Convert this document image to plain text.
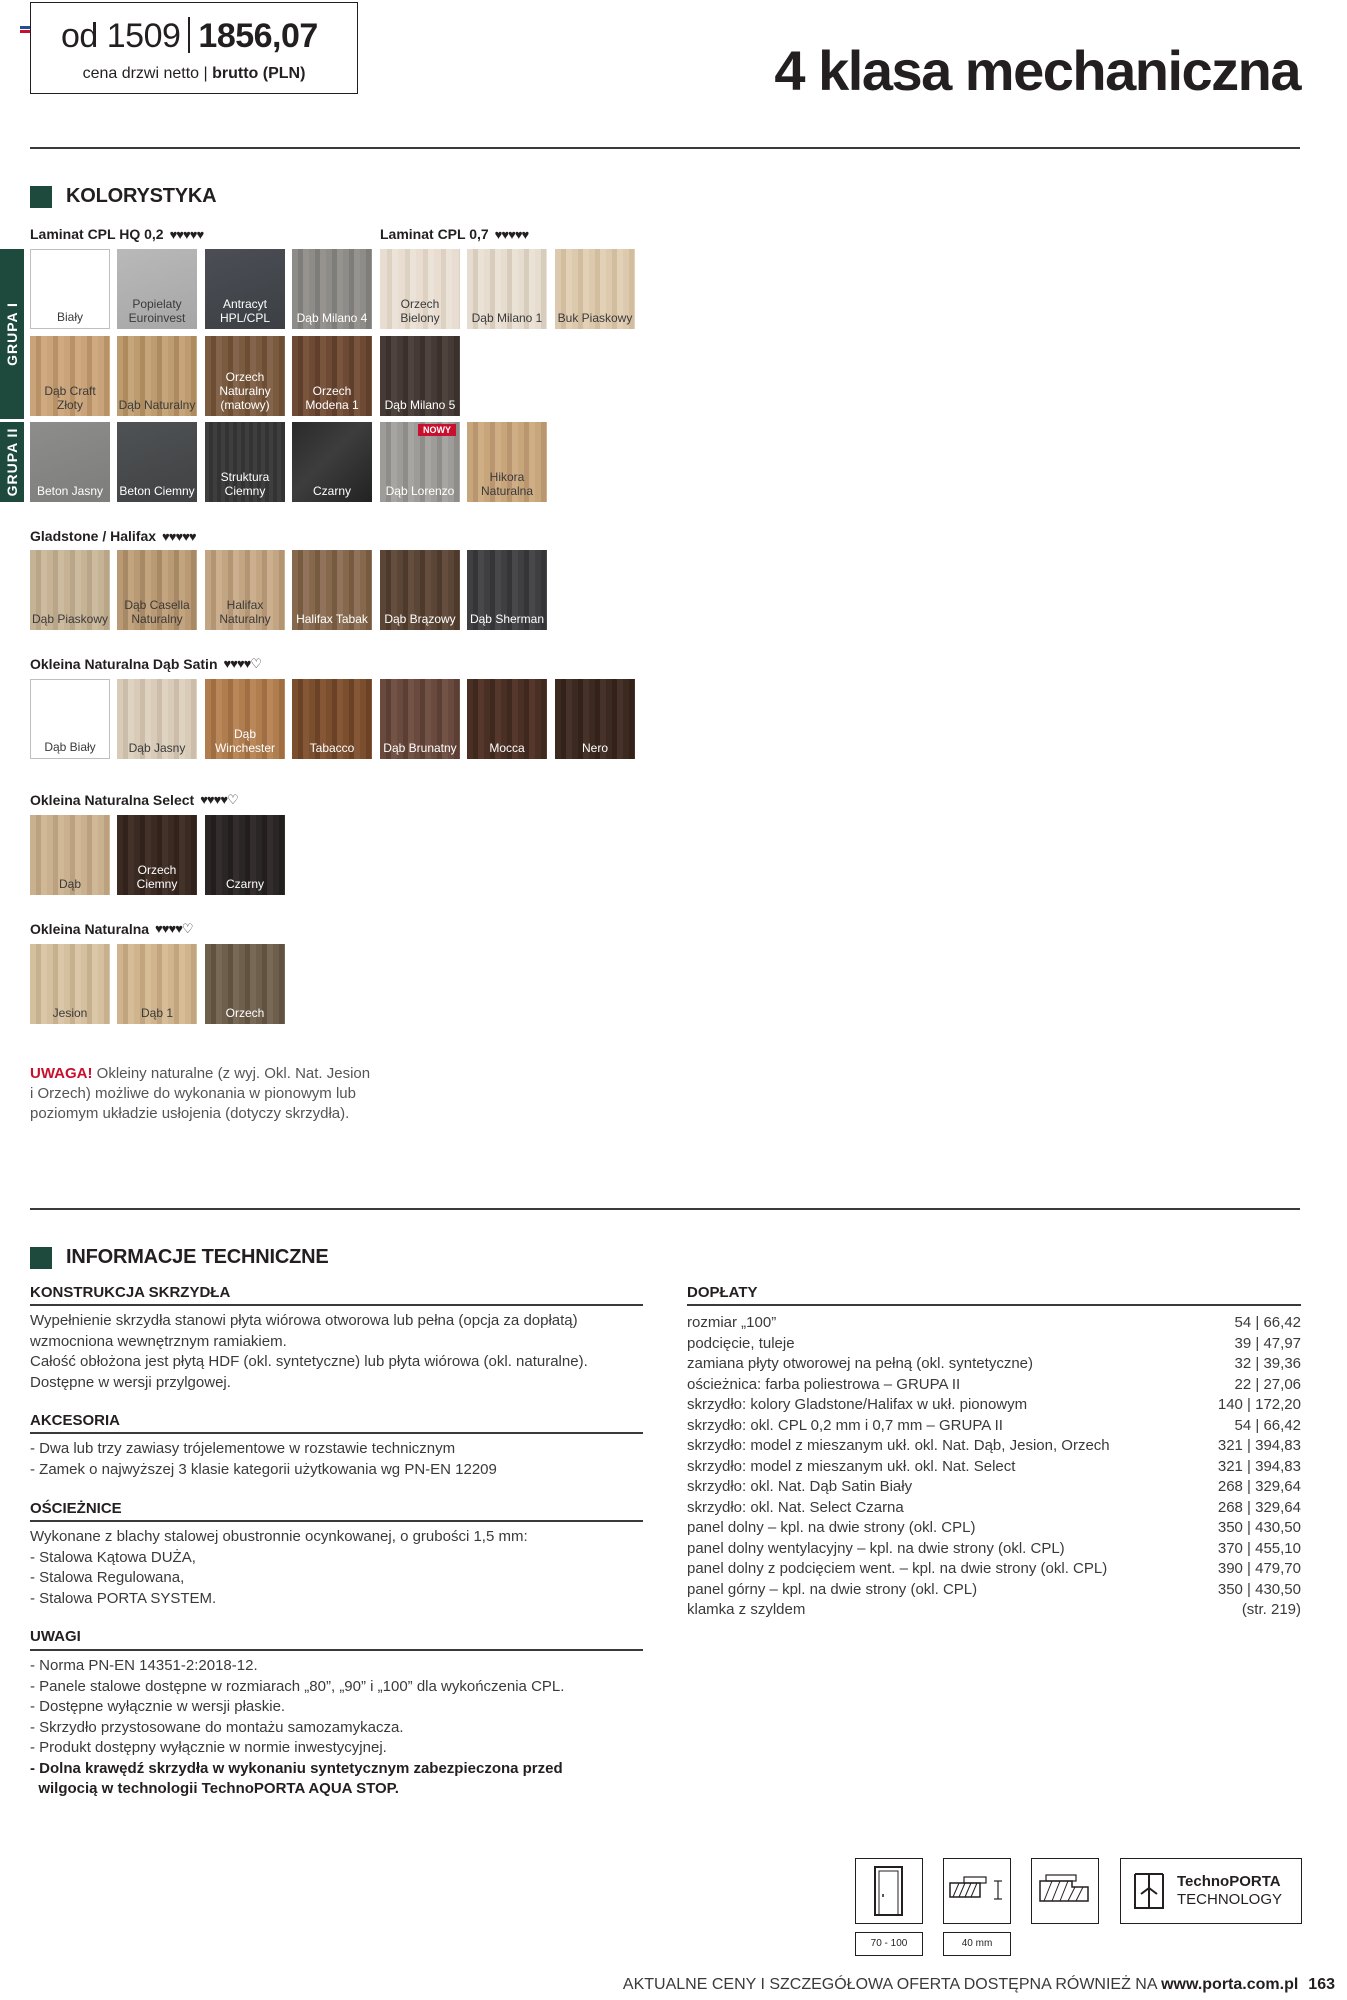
od 1509 1856,07
cena drzwi netto | brutto (PLN)	4 klasa mechaniczna
KOLORYSTYKA
Laminat CPL HQ 0,2 ♥♥♥♥♥	Laminat CPL 0,7 ♥♥♥♥♥
GRUPA I
GRUPA II
Biały
Popielaty Euroinvest
Antracyt HPL/CPL	Dąb Milano 4
Orzech Bielony	Dąb Milano 1	Buk Piaskowy
Dąb Craft Złoty	Dąb Naturalny
Orzech Naturalny (matowy)
Orzech Modena 1	Dąb Milano 5
Beton Jasny	Beton Ciemny
Struktura Ciemny	Czarny
NOWY
Dąb Lorenzo
Hikora Naturalna
Gladstone / Halifax ♥♥♥♥♥
Dąb Piaskowy
Dąb Casella Naturalny
Halifax Naturalny	Halifax Tabak	Dąb Brązowy	Dąb Sherman
Okleina Naturalna Dąb Satin ♥♥♥♥♡
Dąb Biały	Dąb Jasny
Dąb Winchester	Tabacco	Dąb Brunatny	Mocca	Nero
Okleina Naturalna Select ♥♥♥♥♡
Dąb
Orzech Ciemny	Czarny
Okleina Naturalna ♥♥♥♥♡
Jesion	Dąb 1	Orzech
UWAGA! Okleiny naturalne (z wyj. Okl. Nat. Jesion
i Orzech) możliwe do wykonania w pionowym lub
poziomym układzie usłojenia (dotyczy skrzydła).
INFORMACJE TECHNICZNE
KONSTRUKCJA SKRZYDŁA
Wypełnienie skrzydła stanowi płyta wiórowa otworowa lub pełna (opcja za dopłatą)
wzmocniona wewnętrznym ramiakiem.
Całość obłożona jest płytą HDF (okl. syntetyczne) lub płyta wiórowa (okl. naturalne).
Dostępne w wersji przylgowej.
AKCESORIA
- Dwa lub trzy zawiasy trójelementowe w rozstawie technicznym
- Zamek o najwyższej 3 klasie kategorii użytkowania wg PN-EN 12209
OŚCIEŻNICE
Wykonane z blachy stalowej obustronnie ocynkowanej, o grubości 1,5 mm:
- Stalowa Kątowa DUŻA,
- Stalowa Regulowana,
- Stalowa PORTA SYSTEM.
UWAGI
- Norma PN-EN 14351-2:2018-12.
- Panele stalowe dostępne w rozmiarach „80”, „90” i „100” dla wykończenia CPL.
- Dostępne wyłącznie w wersji płaskie.
- Skrzydło przystosowane do montażu samozamykacza.
- Produkt dostępny wyłącznie w normie inwestycyjnej.
- Dolna krawędź skrzydła w wykonaniu syntetycznym zabezpieczona przed
wilgocią w technologii TechnoPORTA AQUA STOP.
DOPŁATY
rozmiar „100”	54 | 66,42
podcięcie, tuleje	39 | 47,97
zamiana płyty otworowej na pełną (okl. syntetyczne)	32 | 39,36
ościeżnica: farba poliestrowa – GRUPA II	22 | 27,06
skrzydło: kolory Gladstone/Halifax w ukł. pionowym	140 | 172,20
skrzydło: okl. CPL 0,2 mm i 0,7 mm – GRUPA II	54 | 66,42
skrzydło: model z mieszanym ukł. okl. Nat. Dąb, Jesion, Orzech	321 | 394,83
skrzydło: model z mieszanym ukł. okl. Nat. Select	321 | 394,83
skrzydło: okl. Nat. Dąb Satin Biały	268 | 329,64
skrzydło: okl. Nat. Select Czarna	268 | 329,64
panel dolny – kpl. na dwie strony (okl. CPL)	350 | 430,50
panel dolny wentylacyjny – kpl. na dwie strony (okl. CPL)	370 | 455,10
panel dolny z podcięciem went. – kpl. na dwie strony (okl. CPL)	390 | 479,70
panel górny – kpl. na dwie strony (okl. CPL)	350 | 430,50
klamka z szyldem	(str. 219)
70 - 100	40 mm
TechnoPORTA
TECHNOLOGY
AKTUALNE CENY I SZCZEGÓŁOWA OFERTA DOSTĘPNA RÓWNIEŻ NA www.porta.com.pl 163
